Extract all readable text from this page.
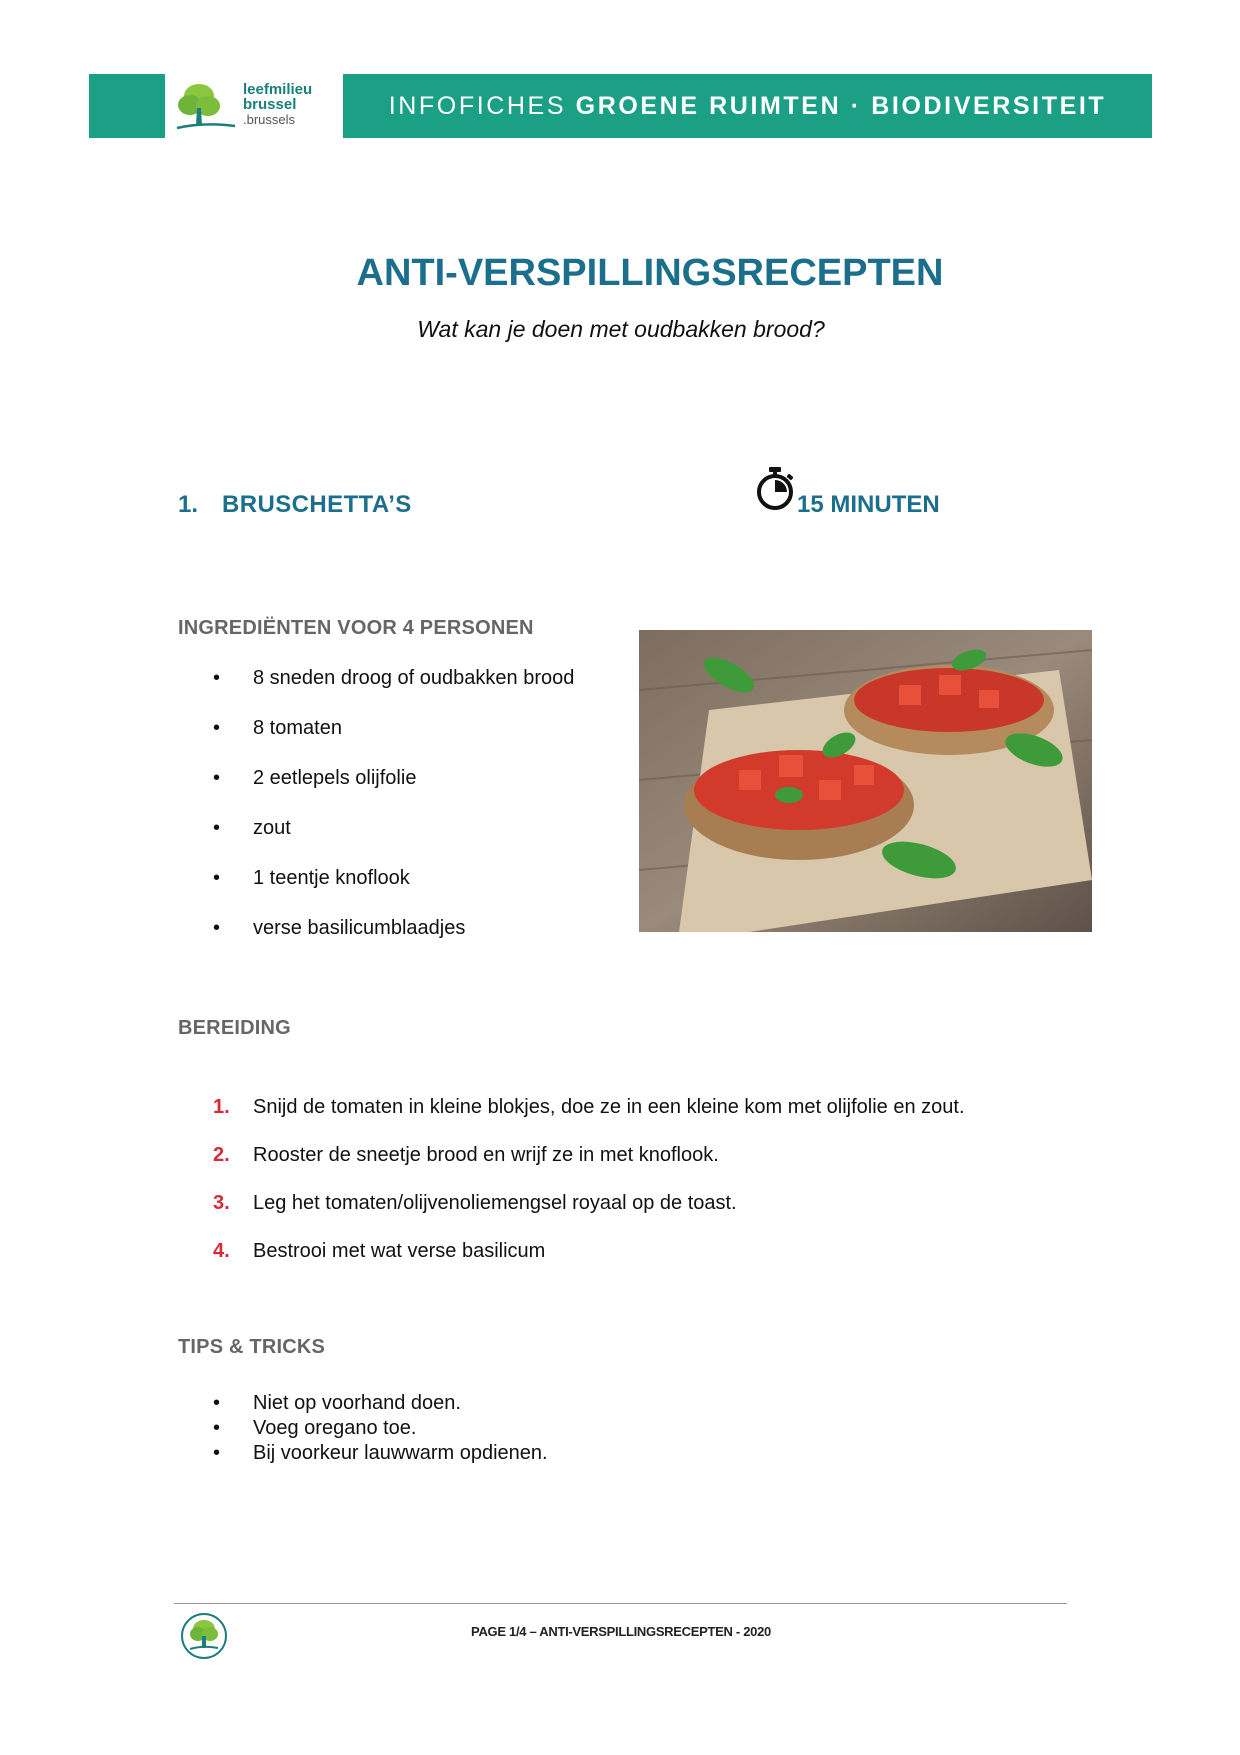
leefmilieu
brussel
.brussels	INFOFICHES GROENE RUIMTEN · BIODIVERSITEIT
ANTI-VERSPILLINGSRECEPTEN
Wat kan je doen met oudbakken brood?
1. BRUSCHETTA’S	15 MINUTEN
INGREDIËNTEN VOOR 4 PERSONEN
• 8 sneden droog of oudbakken brood
• 8 tomaten
• 2 eetlepels olijfolie
• zout
• 1 teentje knoflook
• verse basilicumblaadjes
BEREIDING
1. Snijd de tomaten in kleine blokjes, doe ze in een kleine kom met olijfolie en zout.
2. Rooster de sneetje brood en wrijf ze in met knoflook.
3. Leg het tomaten/olijvenoliemengsel royaal op de toast.
4. Bestrooi met wat verse basilicum
TIPS & TRICKS
• Niet op voorhand doen.
• Voeg oregano toe.
• Bij voorkeur lauwwarm opdienen.
PAGE 1/4 – ANTI-VERSPILLINGSRECEPTEN - 2020
